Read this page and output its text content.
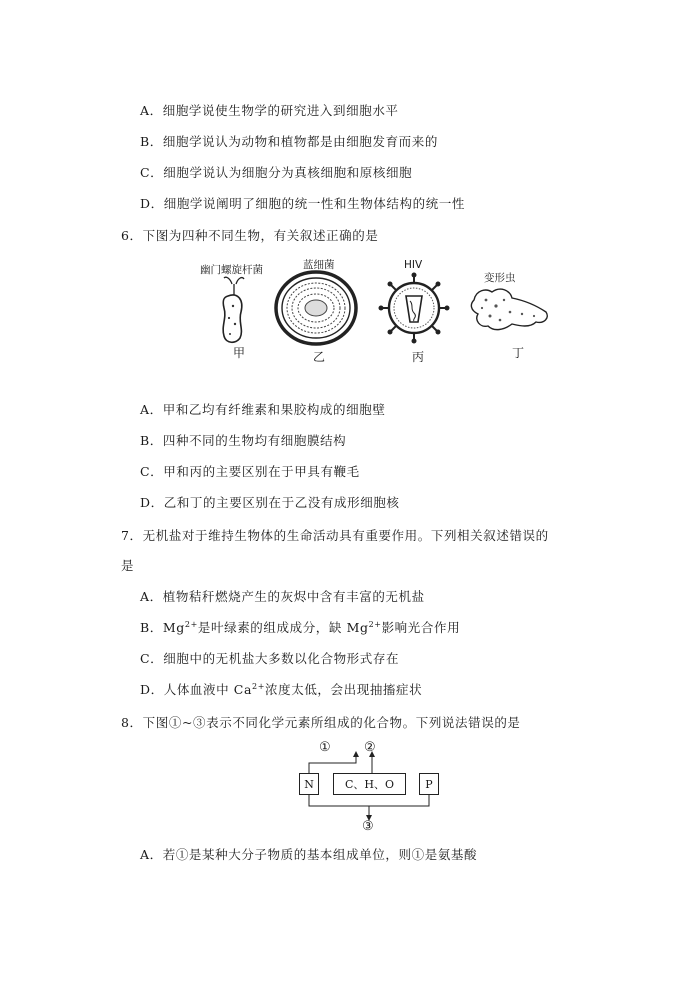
A．细胞学说使生物学的研究进入到细胞水平
B．细胞学说认为动物和植物都是由细胞发育而来的
C．细胞学说认为细胞分为真核细胞和原核细胞
D．细胞学说阐明了细胞的统一性和生物体结构的统一性
6．下图为四种不同生物，有关叙述正确的是
幽门螺旋杆菌	蓝细菌	HIV
变形虫
甲	乙	丙	丁
A．甲和乙均有纤维素和果胶构成的细胞壁
B．四种不同的生物均有细胞膜结构
C．甲和丙的主要区别在于甲具有鞭毛
D．乙和丁的主要区别在于乙没有成形细胞核
7．无机盐对于维持生物体的生命活动具有重要作用。下列相关叙述错误的
是
A．植物秸秆燃烧产生的灰烬中含有丰富的无机盐
B．$Mg^{2+}$是叶绿素的组成成分，缺 $Mg^{2+}$影响光合作用
C．细胞中的无机盐大多数以化合物形式存在
D．人体血液中 $Ca^{2+}$浓度太低，会出现抽搐症状
8．下图①~③表示不同化学元素所组成的化合物。下列说法错误的是
①	②
③
N	C、H、O	P
A．若①是某种大分子物质的基本组成单位，则①是氨基酸
